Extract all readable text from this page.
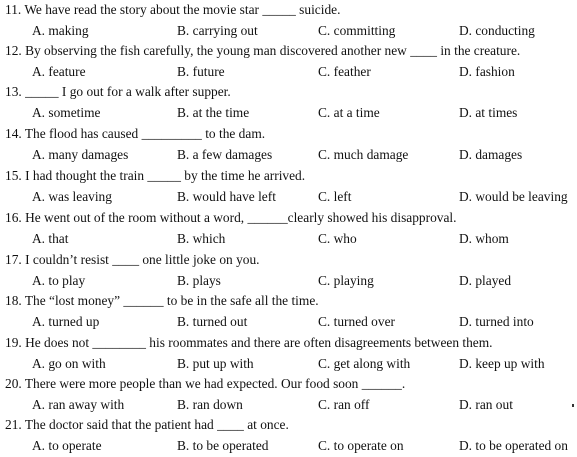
11. We have read the story about the movie star _____ suicide.
A. making	B. carrying out	C. committing	D. conducting
12. By observing the fish carefully, the young man discovered another new ____ in the creature.
A. feature	B. future	C. feather	D. fashion
13. _____ I go out for a walk after supper.
A. sometime	B. at the time	C. at a time	D. at times
14. The flood has caused _________ to the dam.
A. many damages	B. a few damages	C. much damage	D. damages
15. I had thought the train _____ by the time he arrived.
A. was leaving	B. would have left	C. left	D. would be leaving
16. He went out of the room without a word, ______clearly showed his disapproval.
A. that	B. which	C. who	D. whom
17. I couldn’t resist ____ one little joke on you.
A. to play	B. plays	C. playing	D. played
18. The “lost money” ______ to be in the safe all the time.
A. turned up	B. turned out	C. turned over	D. turned into
19. He does not ________ his roommates and there are often disagreements between them.
A. go on with	B. put up with	C. get along with	D. keep up with
20. There were more people than we had expected. Our food soon ______.
A. ran away with	B. ran down	C. ran off	D. ran out
21. The doctor said that the patient had ____ at once.
A. to operate	B. to be operated	C. to operate on	D. to be operated on
